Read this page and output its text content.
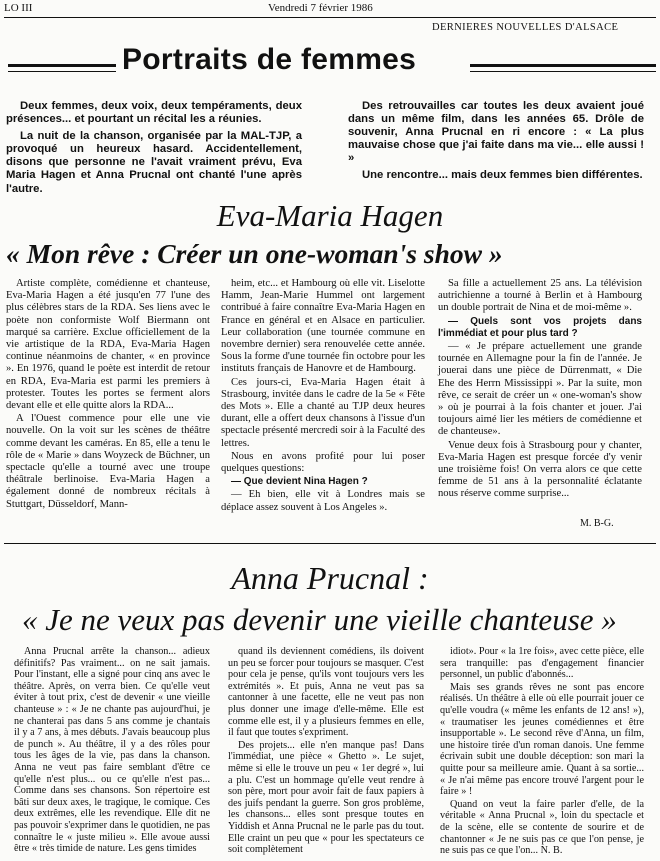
LO III	Vendredi 7 février 1986
DERNIERES NOUVELLES D'ALSACE
Portraits de femmes

Deux femmes, deux voix, deux tempéraments, deux présences... et pourtant un récital les a réunies.

La nuit de la chanson, organisée par la MAL-TJP, a provoqué un heureux hasard. Accidentellement, disons que personne ne l'avait vraiment prévu, Eva Maria Hagen et Anna Prucnal ont chanté l'une après l'autre.

Des retrouvailles car toutes les deux avaient joué dans un même film, dans les années 65. Drôle de souvenir, Anna Prucnal en ri encore : « La plus mauvaise chose que j'ai faite dans ma vie... elle aussi ! »

Une rencontre... mais deux femmes bien différentes.

Eva-Maria Hagen
« Mon rêve : Créer un one-woman's show »

Artiste complète, comédienne et chanteuse, Eva-Maria Hagen a été jusqu'en 77 l'une des plus célèbres stars de la RDA. Ses liens avec le poète non conformiste Wolf Biermann ont marqué sa carrière. Exclue officiellement de la vie artistique de la RDA, Eva-Maria Hagen continue néanmoins de chanter, « en province ». En 1976, quand le poète est interdit de retour en RDA, Eva-Maria est parmi les premiers à protester. Toutes les portes se ferment alors devant elle et elle quitte alors la RDA...

A l'Ouest commence pour elle une vie nouvelle. On la voit sur les scènes de théâtre comme devant les caméras. En 85, elle a tenu le rôle de « Marie » dans Woyzeck de Büchner, un spectacle qu'elle a tourné avec une troupe théâtrale berlinoise. Eva-Maria Hagen a également donné de nombreux récitals à Stuttgart, Düsseldorf, Mann-

heim, etc... et Hambourg où elle vit. Liselotte Hamm, Jean-Marie Hummel ont largement contribué à faire connaître Eva-Maria Hagen en France en général et en Alsace en particulier. Leur collaboration (une tournée commune en novembre dernier) sera renouvelée cette année. Sous la forme d'une tournée fin octobre pour les instituts français de Hanovre et de Hambourg.

Ces jours-ci, Eva-Maria Hagen était à Strasbourg, invitée dans le cadre de la 5e « Fête des Mots ». Elle a chanté au TJP deux heures durant, elle a offert deux chansons à l'issue d'un spectacle présenté mercredi soir à la Faculté des lettres.

Nous en avons profité pour lui poser quelques questions:

— Que devient Nina Hagen ?

— Eh bien, elle vit à Londres mais se déplace assez souvent à Los Angeles ».

Sa fille a actuellement 25 ans. La télévision autrichienne a tourné à Berlin et à Hambourg un double portrait de Nina et de moi-même ».

— Quels sont vos projets dans l'immédiat et pour plus tard ?

— « Je prépare actuellement une grande tournée en Allemagne pour la fin de l'année. Je jouerai dans une pièce de Dürrenmatt, « Die Ehe des Herrn Mississippi ». Par la suite, mon rêve, ce serait de créer un « one-woman's show » où je pourrai à la fois chanter et jouer. J'ai toujours aimé lier les métiers de comédienne et de chanteuse».

Venue deux fois à Strasbourg pour y chanter, Eva-Maria Hagen est presque forcée d'y venir une troisième fois! On verra alors ce que cette femme de 51 ans à la personnalité éclatante nous réserve comme surprise...

M. B-G.
Anna Prucnal :
« Je ne veux pas devenir une vieille chanteuse »

Anna Prucnal arrête la chanson... adieux définitifs? Pas vraiment... on ne sait jamais. Pour l'instant, elle a signé pour cinq ans avec le théâtre. Après, on verra bien. Ce qu'elle veut éviter à tout prix, c'est de devenir « une vieille chanteuse » : « Je ne chante pas aujourd'hui, je ne chanterai pas dans 5 ans comme je chantais il y a 7 ans, à mes débuts. J'avais beaucoup plus de punch ». Au théâtre, il y a des rôles pour tous les âges de la vie, pas dans la chanson. Anna ne veut pas faire semblant d'être ce qu'elle n'est plus... ou ce qu'elle n'est pas... Comme dans ses chansons. Son répertoire est bâti sur deux axes, le tragique, le comique. Ces deux extrêmes, elle les revendique. Elle dit ne pas pouvoir s'exprimer dans le quotidien, ne pas connaître le « juste milieu ». Elle avoue aussi être « très timide de nature. Les gens timides

quand ils deviennent comédiens, ils doivent un peu se forcer pour toujours se masquer. C'est pour cela je pense, qu'ils vont toujours vers les extrémités ». Et puis, Anna ne veut pas sa cantonner à une facette, elle ne veut pas non plus donner une image d'elle-même. Elle est comme elle est, il y a plusieurs femmes en elle, il faut que toutes s'expriment.

Des projets... elle n'en manque pas! Dans l'immédiat, une pièce « Ghetto ». Le sujet, même si elle le trouve un peu « 1er degré », lui a plu. C'est un hommage qu'elle veut rendre à son père, mort pour avoir fait de faux papiers à des juifs pendant la guerre. Son gros problème, les chansons... elles sont presque toutes en Yiddish et Anna Prucnal ne le parle pas du tout. Elle craint un peu que « pour les spectateurs ce soit complètement

idiot». Pour « la 1re fois», avec cette pièce, elle sera tranquille: pas d'engagement financier personnel, un public d'abonnés...

Mais ses grands rêves ne sont pas encore réalisés. Un théâtre à elle où elle pourrait jouer ce qu'elle voudra (« même les enfants de 12 ans! »), « traumatiser les jeunes comédiennes et être insupportable ». Le second rêve d'Anna, un film, une histoire tirée d'un roman danois. Une femme écrivain subit une double déception: son mari la quitte pour sa meilleure amie. Quant à sa sortie... « Je n'ai même pas encore trouvé l'argent pour le faire » !

Quand on veut la faire parler d'elle, de la véritable « Anna Prucnal », loin du spectacle et de la scène, elle se contente de sourire et de chantonner « Je ne suis pas ce que l'on pense, je ne suis pas ce que l'on... N. B.
